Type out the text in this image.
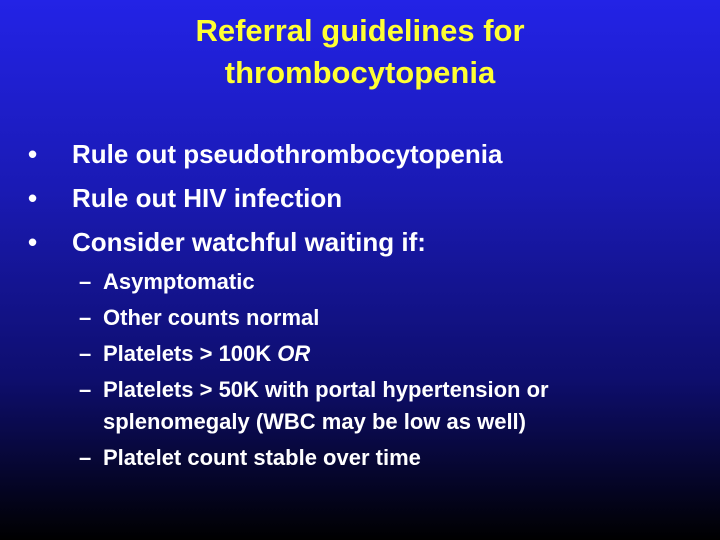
Referral guidelines for
thrombocytopenia
•	Rule out pseudothrombocytopenia
•	Rule out HIV infection
•	Consider watchful waiting if:
– Asymptomatic
– Other counts normal
– Platelets > 100K OR
– Platelets > 50K with portal hypertension or
splenomegaly (WBC may be low as well)
– Platelet count stable over time
